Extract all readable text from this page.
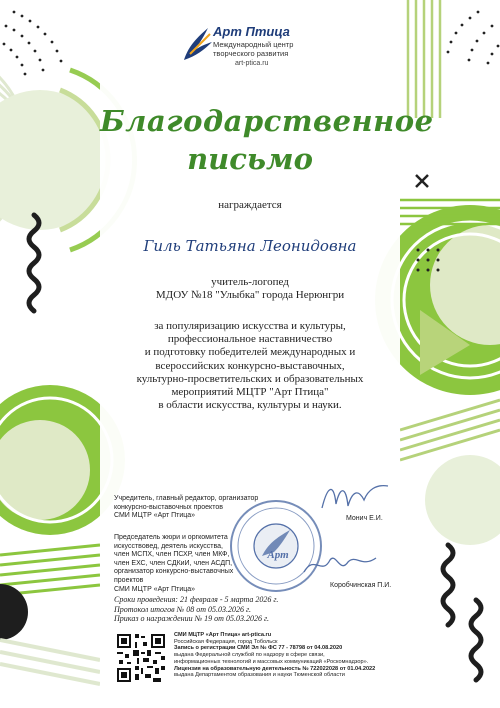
Арт Птица
Международный центр
творческого развития
art-ptica.ru
Благодарственное
письмо
награждается
Гиль Татьяна Леонидовна
учитель-логопед
МДОУ №18 "Улыбка" города Нерюнгри
за популяризацию искусства и культуры,
профессиональное наставничество
и подготовку победителей международных и
всероссийских конкурсно-выставочных,
культурно-просветительских и образовательных
мероприятий МЦТР "Арт Птица"
в области искусства, культуры и науки.
Арт
Учредитель, главный редактор, организатор
конкурсно-выставочных проектов
СМИ МЦТР «Арт Птица»	Монич Е.И.
Председатель жюри и оргкомитета
искусствовед, деятель искусства,
член МСПХ, член ПСХР, член МКФ,
член ЕХС, член СДКиИ, член АСДП,
организатор конкурсно-выставочных проектов
СМИ МЦТР «Арт Птица»
Коробчинская П.И.
Сроки проведения: 21 февраля - 5 марта 2026 г.
Протокол итогов № 08 от 05.03.2026 г.
Приказ о награждении № 19 от 05.03.2026 г.
СМИ МЦТР «Арт Птица» art-ptica.ru
Российская Федерация, город Тобольск
Запись о регистрации СМИ Эл № ФС 77 - 78798 от 04.08.2020
выдана Федеральной службой по надзору в сфере связи,
информационных технологий и массовых коммуникаций «Роскомнадзор».
Лицензия на образовательную деятельность № 722022028 от 01.04.2022
выдана Департаментом образования и науки Тюменской области
